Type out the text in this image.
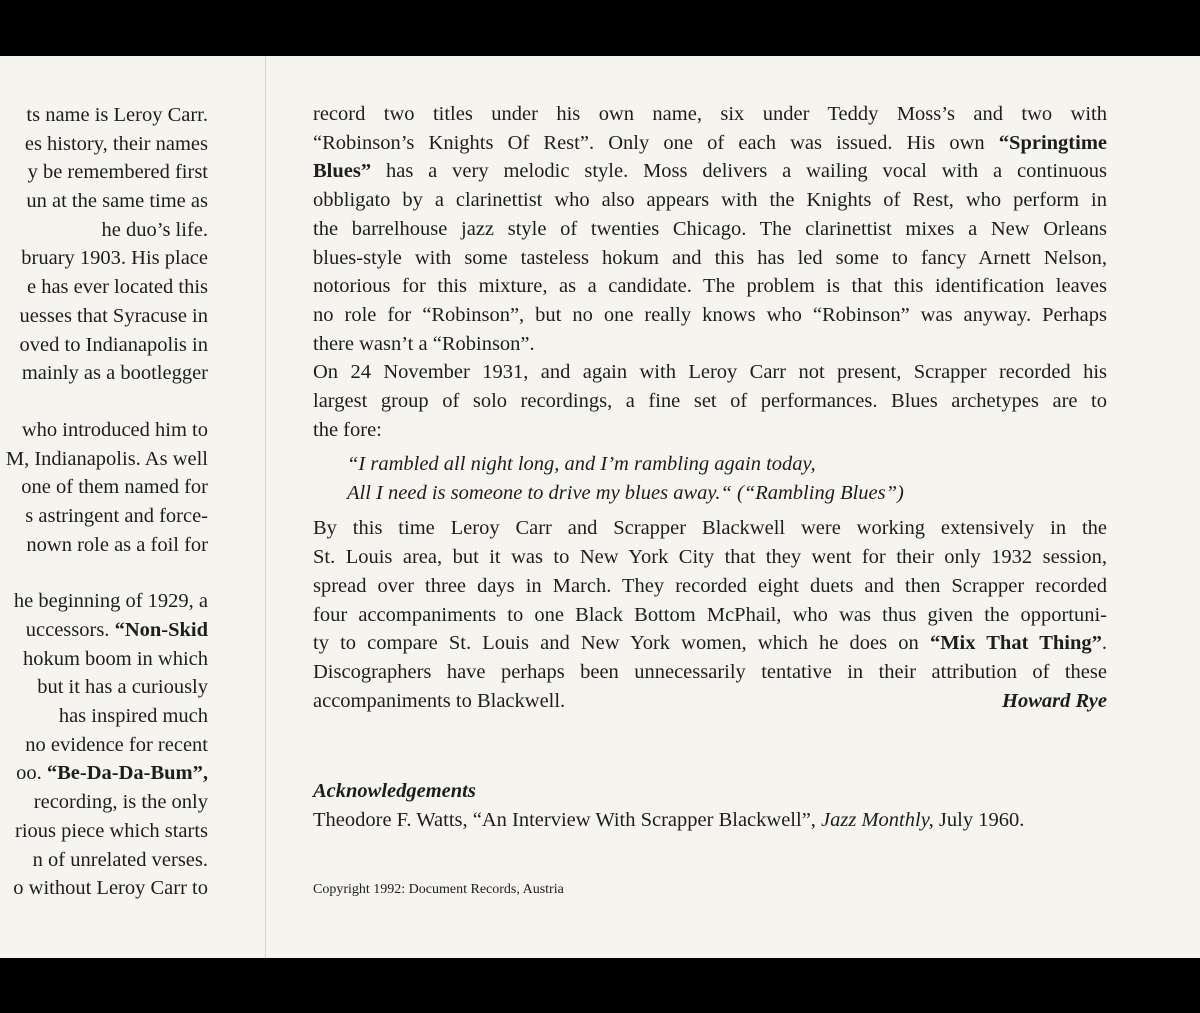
ts name is Leroy Carr.
es history, their names
y be remembered first
un at the same time as
he duo’s life.
bruary 1903. His place
e has ever located this
uesses that Syracuse in
oved to Indianapolis in
mainly as a bootlegger
who introduced him to
M, Indianapolis. As well
one of them named for
s astringent and force-
nown role as a foil for
he beginning of 1929, a
uccessors. “Non-Skid
hokum boom in which
but it has a curiously
has inspired much
no evidence for recent
oo. “Be-Da-Da-Bum”,
recording, is the only
rious piece which starts
n of unrelated verses.
o without Leroy Carr to
record two titles under his own name, six under Teddy Moss’s and two with
“Robinson’s Knights Of Rest”. Only one of each was issued. His own “Springtime
Blues” has a very melodic style. Moss delivers a wailing vocal with a continuous
obbligato by a clarinettist who also appears with the Knights of Rest, who perform in
the barrelhouse jazz style of twenties Chicago. The clarinettist mixes a New Orleans
blues-style with some tasteless hokum and this has led some to fancy Arnett Nelson,
notorious for this mixture, as a candidate. The problem is that this identification leaves
no role for “Robinson”, but no one really knows who “Robinson” was anyway. Perhaps
there wasn’t a “Robinson”.
On 24 November 1931, and again with Leroy Carr not present, Scrapper recorded his
largest group of solo recordings, a fine set of performances. Blues archetypes are to
the fore:
“I rambled all night long, and I’m rambling again today,
All I need is someone to drive my blues away.“ (“Rambling Blues”)
By this time Leroy Carr and Scrapper Blackwell were working extensively in the
St. Louis area, but it was to New York City that they went for their only 1932 session,
spread over three days in March. They recorded eight duets and then Scrapper recorded
four accompaniments to one Black Bottom McPhail, who was thus given the opportuni-
ty to compare St. Louis and New York women, which he does on “Mix That Thing”.
Discographers have perhaps been unnecessarily tentative in their attribution of these
accompaniments to Blackwell.	Howard Rye
Acknowledgements
Theodore F. Watts, “An Interview With Scrapper Blackwell”, Jazz Monthly, July 1960.
Copyright 1992: Document Records, Austria
